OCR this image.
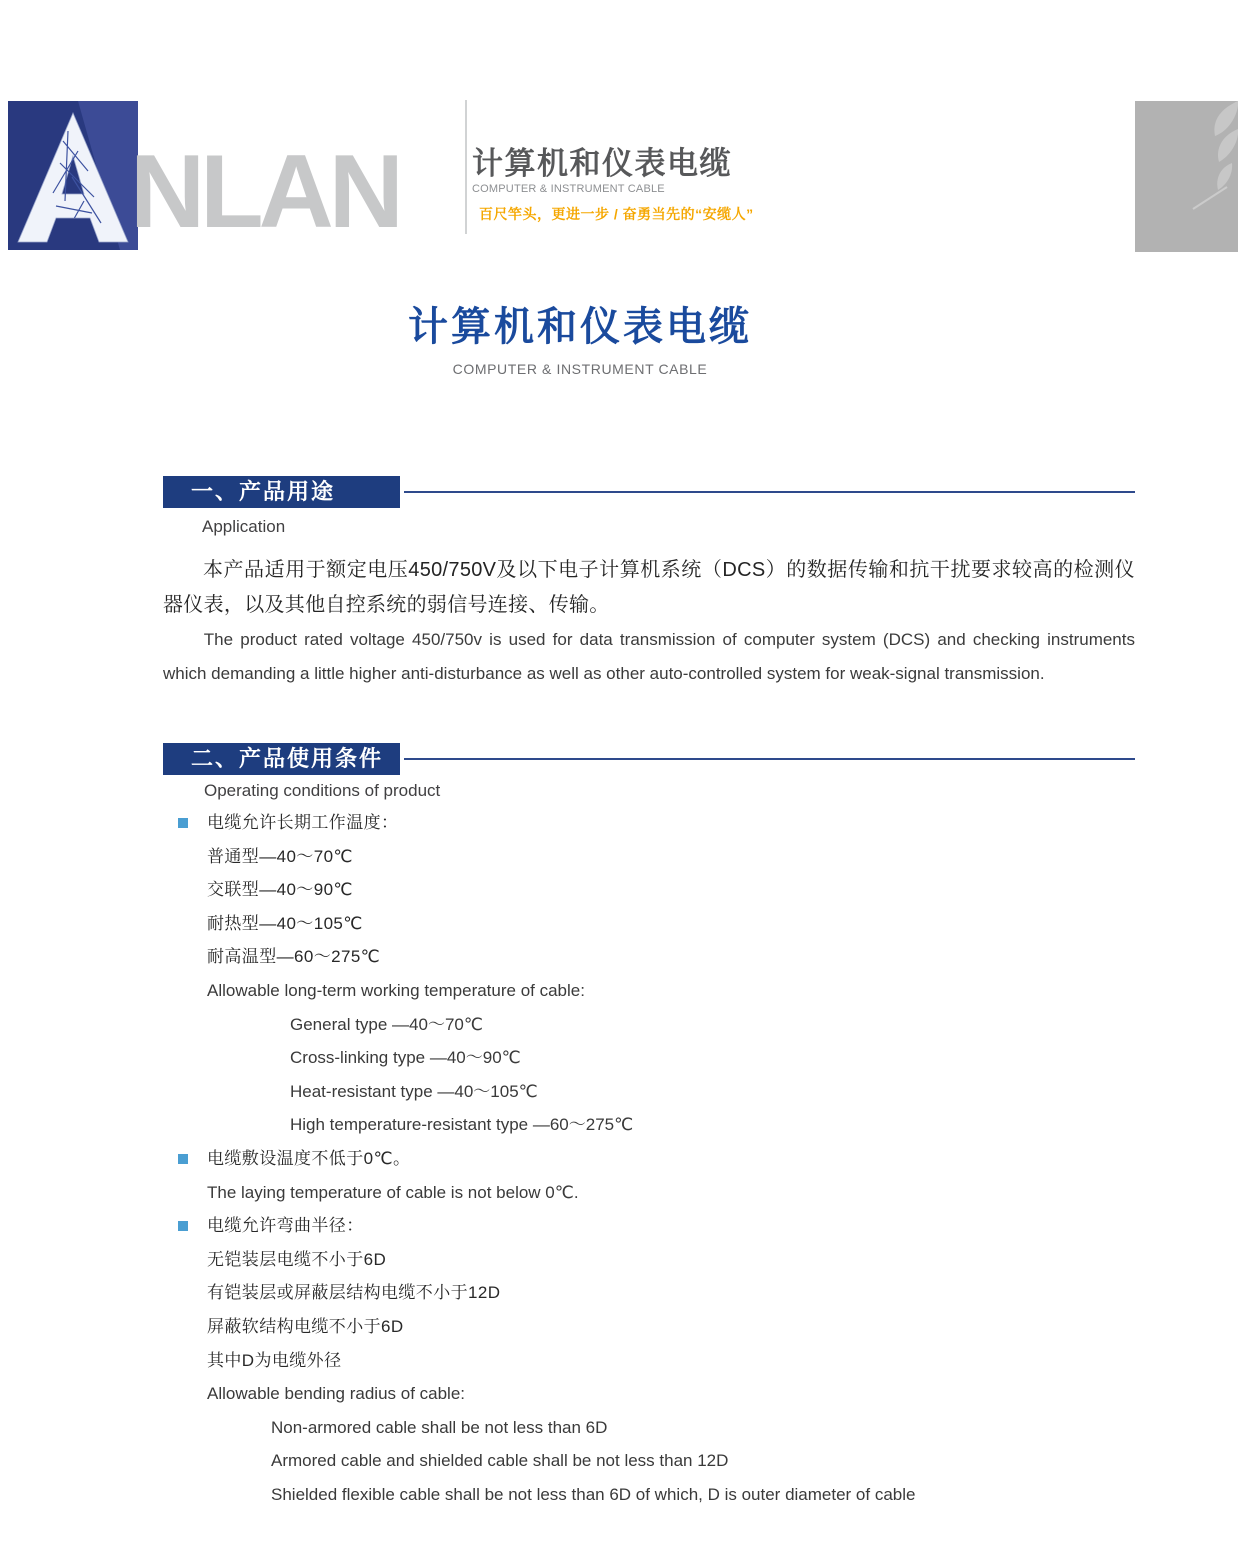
NLAN 计算机和仪表电缆
COMPUTER & INSTRUMENT CABLE
百尺竿头，更进一步 / 奋勇当先的“安缆人”
计算机和仪表电缆
COMPUTER & INSTRUMENT CABLE
一、产品用途
Application

本产品适用于额定电压450/750V及以下电子计算机系统（DCS）的数据传输和抗干扰要求较高的检测仪器仪表，以及其他自控系统的弱信号连接、传输。

The product rated voltage 450/750v is used for data transmission of computer system (DCS) and checking instruments which demanding a little higher anti-disturbance as well as other auto-controlled system for weak-signal transmission.

二、产品使用条件
Operating conditions of product
电缆允许长期工作温度：
普通型—40～70℃
交联型—40～90℃
耐热型—40～105℃
耐高温型—60～275℃
Allowable long-term working temperature of cable:
General type —40～70℃
Cross-linking type —40～90℃
Heat-resistant type —40～105℃
High temperature-resistant type —60～275℃
电缆敷设温度不低于0℃。
The laying temperature of cable is not below 0℃.
电缆允许弯曲半径：
无铠装层电缆不小于6D
有铠装层或屏蔽层结构电缆不小于12D
屏蔽软结构电缆不小于6D
其中D为电缆外径
Allowable bending radius of cable:
Non-armored cable shall be not less than 6D
Armored cable and shielded cable shall be not less than 12D
Shielded flexible cable shall be not less than 6D of which, D is outer diameter of cable
